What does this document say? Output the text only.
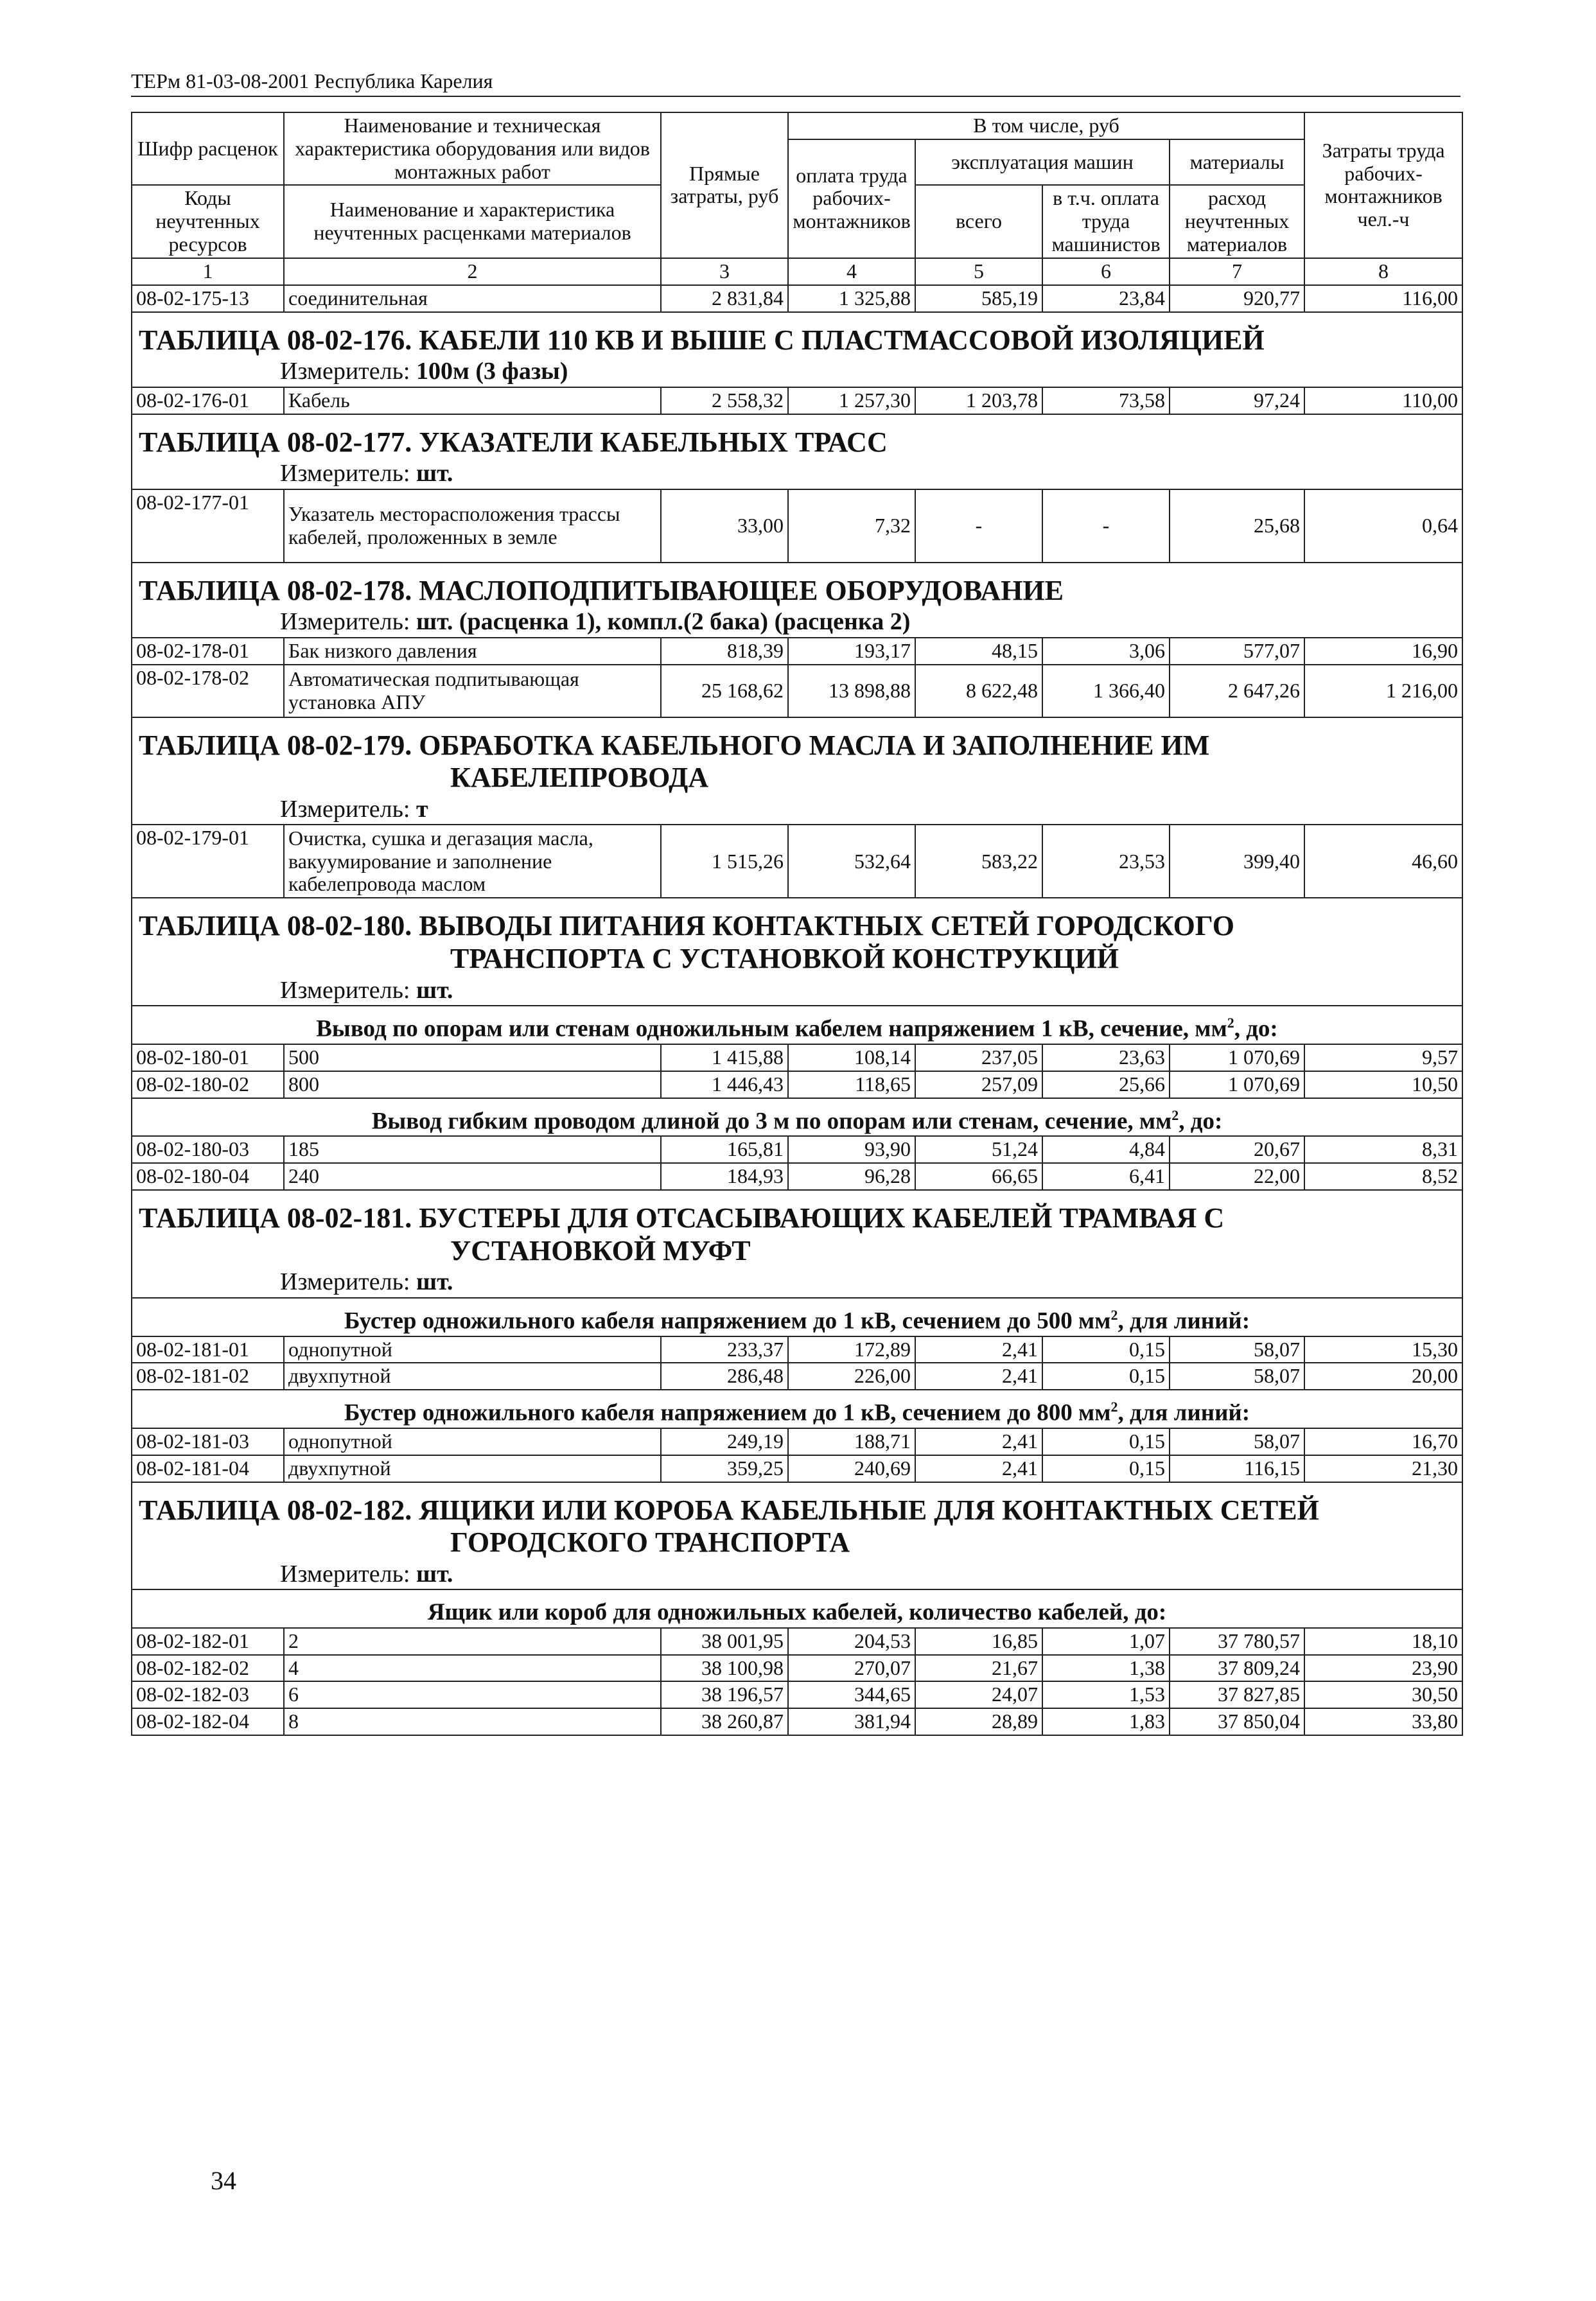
ТЕРм 81-03-08-2001 Республика Карелия
Шифр расценок	Наименование и техническая характеристика оборудования или видов монтажных работ	Прямые затраты, руб	В том числе, руб				Затраты труда рабочих-монтажников чел.-ч
			оплата труда рабочих-монтажников	эксплуатация машин		материалы	
Коды неучтенных ресурсов	Наименование и характеристика неучтенных расценками материалов			всего	в т.ч. оплата труда машинистов	расход неучтенных материалов	

1	2	3	4	5	6	7	8
08-02-175-13	соединительная	2 831,84	1 325,88	585,19	23,84	920,77	116,00
ТАБЛИЦА 08-02-176. КАБЕЛИ 110 КВ И ВЫШЕ С ПЛАСТМАССОВОЙ ИЗОЛЯЦИЕЙ							
Измеритель: 100м (3 фазы)							
08-02-176-01	Кабель	2 558,32	1 257,30	1 203,78	73,58	97,24	110,00
ТАБЛИЦА 08-02-177. УКАЗАТЕЛИ КАБЕЛЬНЫХ ТРАСС							
Измеритель: шт.							
08-02-177-01	Указатель месторасположения трассы кабелей, проложенных в земле	33,00	7,32	-	-	25,68	0,64
ТАБЛИЦА 08-02-178. МАСЛОПОДПИТЫВАЮЩЕЕ ОБОРУДОВАНИЕ							
Измеритель: шт. (расценка 1), компл.(2 бака) (расценка 2)							
08-02-178-01	Бак низкого давления	818,39	193,17	48,15	3,06	577,07	16,90
08-02-178-02	Автоматическая подпитывающая установка АПУ	25 168,62	13 898,88	8 622,48	1 366,40	2 647,26	1 216,00
ТАБЛИЦА 08-02-179. ОБРАБОТКА КАБЕЛЬНОГО МАСЛА И ЗАПОЛНЕНИЕ ИМ
КАБЕЛЕПРОВОДА							

Измеритель: т							
08-02-179-01	Очистка, сушка и дегазация масла, вакуумирование и заполнение кабелепровода маслом	1 515,26	532,64	583,22	23,53	399,40	46,60
ТАБЛИЦА 08-02-180. ВЫВОДЫ ПИТАНИЯ КОНТАКТНЫХ СЕТЕЙ ГОРОДСКОГО
ТРАНСПОРТА С УСТАНОВКОЙ КОНСТРУКЦИЙ							

Измеритель: шт.							
Вывод по опорам или стенам одножильным кабелем напряжением 1 кВ, сечение, $мм^2$, до:							
08-02-180-01	500	1 415,88	108,14	237,05	23,63	1 070,69	9,57
08-02-180-02	800	1 446,43	118,65	257,09	25,66	1 070,69	10,50
Вывод гибким проводом длиной до 3 м по опорам или стенам, сечение, $мм^2$, до:							
08-02-180-03	185	165,81	93,90	51,24	4,84	20,67	8,31
08-02-180-04	240	184,93	96,28	66,65	6,41	22,00	8,52
ТАБЛИЦА 08-02-181. БУСТЕРЫ ДЛЯ ОТСАСЫВАЮЩИХ КАБЕЛЕЙ ТРАМВАЯ С
УСТАНОВКОЙ МУФТ							

Измеритель: шт.							
Бустер одножильного кабеля напряжением до 1 кВ, сечением до 500 $мм^2$, для линий:							
08-02-181-01	однопутной	233,37	172,89	2,41	0,15	58,07	15,30
08-02-181-02	двухпутной	286,48	226,00	2,41	0,15	58,07	20,00
Бустер одножильного кабеля напряжением до 1 кВ, сечением до 800 $мм^2$, для линий:							
08-02-181-03	однопутной	249,19	188,71	2,41	0,15	58,07	16,70
08-02-181-04	двухпутной	359,25	240,69	2,41	0,15	116,15	21,30
ТАБЛИЦА 08-02-182. ЯЩИКИ ИЛИ КОРОБА КАБЕЛЬНЫЕ ДЛЯ КОНТАКТНЫХ СЕТЕЙ
ГОРОДСКОГО ТРАНСПОРТА							

Измеритель: шт.							
Ящик или короб для одножильных кабелей, количество кабелей, до:							
08-02-182-01	2	38 001,95	204,53	16,85	1,07	37 780,57	18,10
08-02-182-02	4	38 100,98	270,07	21,67	1,38	37 809,24	23,90
08-02-182-03	6	38 196,57	344,65	24,07	1,53	37 827,85	30,50
08-02-182-04	8	38 260,87	381,94	28,89	1,83	37 850,04	33,80
34
